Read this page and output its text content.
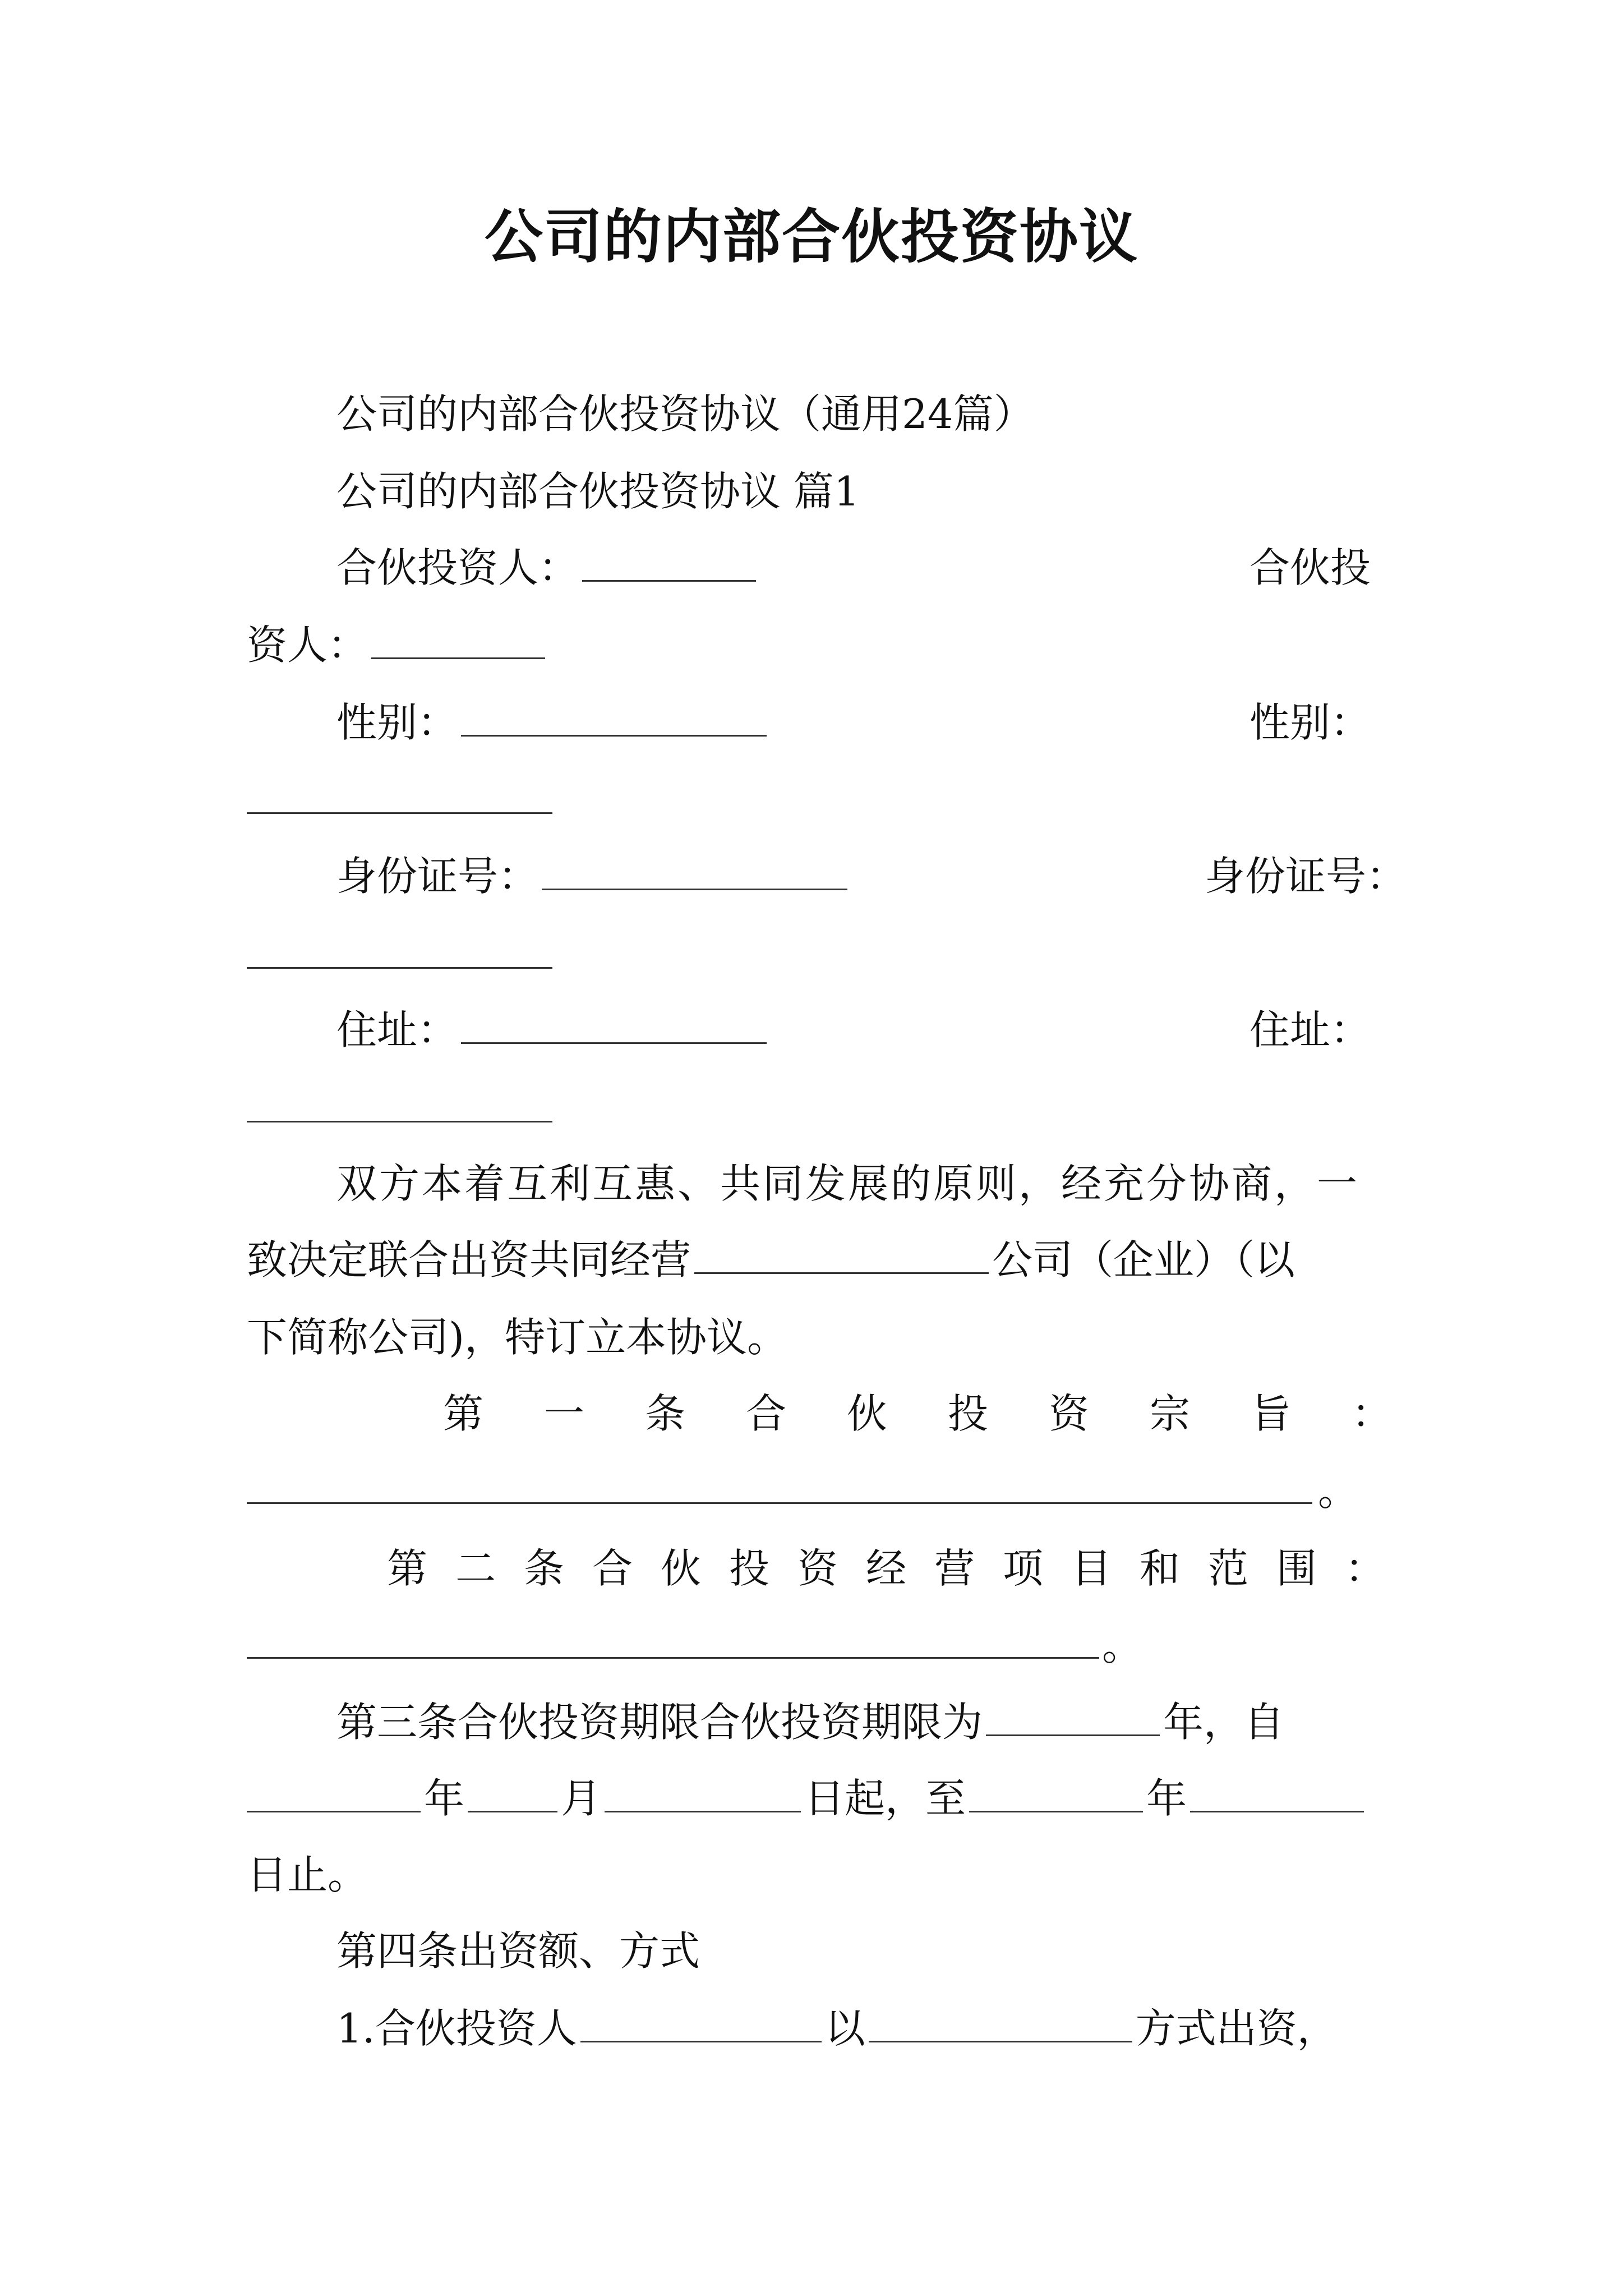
公司的内部合伙投资协议
公司的内部合伙投资协议（通用24篇）
公司的内部合伙投资协议 篇1
合伙投资人：	合伙投
资人：
性别：	性别：
身份证号：	身份证号：
住址：	住址：
双方本着互利互惠、共同发展的原则，经充分协商，一
致决定联合出资共同经营	公司（企业）（以
下简称公司)，特订立本协议。
第一条合伙投资宗旨：
。
第二条合伙投资经营项目和范围：
。
第三条合伙投资期限合伙投资期限为	年，自
年 月	日起，至	年
日止。
第四条出资额、方式
1.合伙投资人	以	方式出资，
